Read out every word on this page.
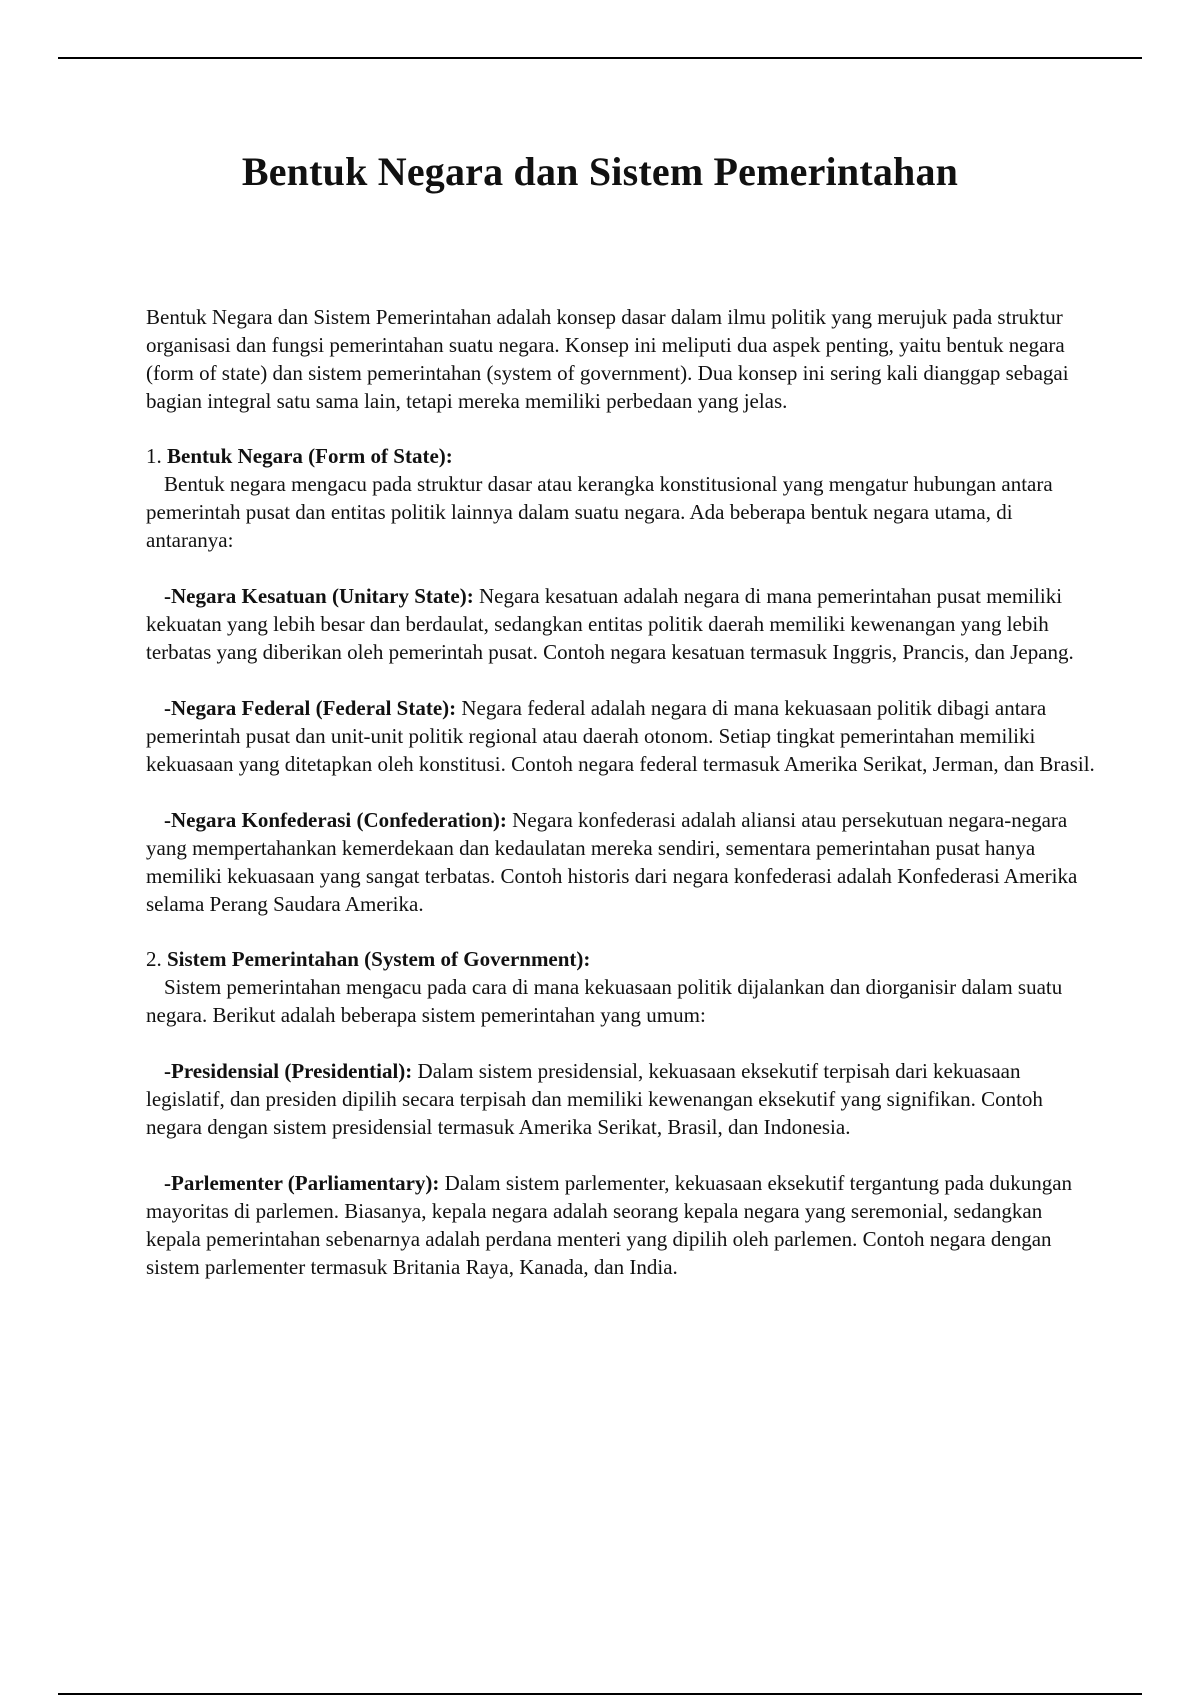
Bentuk Negara dan Sistem Pemerintahan

Bentuk Negara dan Sistem Pemerintahan adalah konsep dasar dalam ilmu politik yang merujuk pada struktur organisasi dan fungsi pemerintahan suatu negara. Konsep ini meliputi dua aspek penting, yaitu bentuk negara (form of state) dan sistem pemerintahan (system of government). Dua konsep ini sering kali dianggap sebagai bagian integral satu sama lain, tetapi mereka memiliki perbedaan yang jelas.

1. Bentuk Negara (Form of State):

Bentuk negara mengacu pada struktur dasar atau kerangka konstitusional yang mengatur hubungan antara pemerintah pusat dan entitas politik lainnya dalam suatu negara. Ada beberapa bentuk negara utama, di antaranya:

-Negara Kesatuan (Unitary State): Negara kesatuan adalah negara di mana pemerintahan pusat memiliki kekuatan yang lebih besar dan berdaulat, sedangkan entitas politik daerah memiliki kewenangan yang lebih terbatas yang diberikan oleh pemerintah pusat. Contoh negara kesatuan termasuk Inggris, Prancis, dan Jepang.

-Negara Federal (Federal State): Negara federal adalah negara di mana kekuasaan politik dibagi antara pemerintah pusat dan unit-unit politik regional atau daerah otonom. Setiap tingkat pemerintahan memiliki kekuasaan yang ditetapkan oleh konstitusi. Contoh negara federal termasuk Amerika Serikat, Jerman, dan Brasil.

-Negara Konfederasi (Confederation): Negara konfederasi adalah aliansi atau persekutuan negara-negara yang mempertahankan kemerdekaan dan kedaulatan mereka sendiri, sementara pemerintahan pusat hanya memiliki kekuasaan yang sangat terbatas. Contoh historis dari negara konfederasi adalah Konfederasi Amerika selama Perang Saudara Amerika.

2. Sistem Pemerintahan (System of Government):

Sistem pemerintahan mengacu pada cara di mana kekuasaan politik dijalankan dan diorganisir dalam suatu negara. Berikut adalah beberapa sistem pemerintahan yang umum:

-Presidensial (Presidential): Dalam sistem presidensial, kekuasaan eksekutif terpisah dari kekuasaan legislatif, dan presiden dipilih secara terpisah dan memiliki kewenangan eksekutif yang signifikan. Contoh negara dengan sistem presidensial termasuk Amerika Serikat, Brasil, dan Indonesia.

-Parlementer (Parliamentary): Dalam sistem parlementer, kekuasaan eksekutif tergantung pada dukungan mayoritas di parlemen. Biasanya, kepala negara adalah seorang kepala negara yang seremonial, sedangkan kepala pemerintahan sebenarnya adalah perdana menteri yang dipilih oleh parlemen. Contoh negara dengan sistem parlementer termasuk Britania Raya, Kanada, dan India.
